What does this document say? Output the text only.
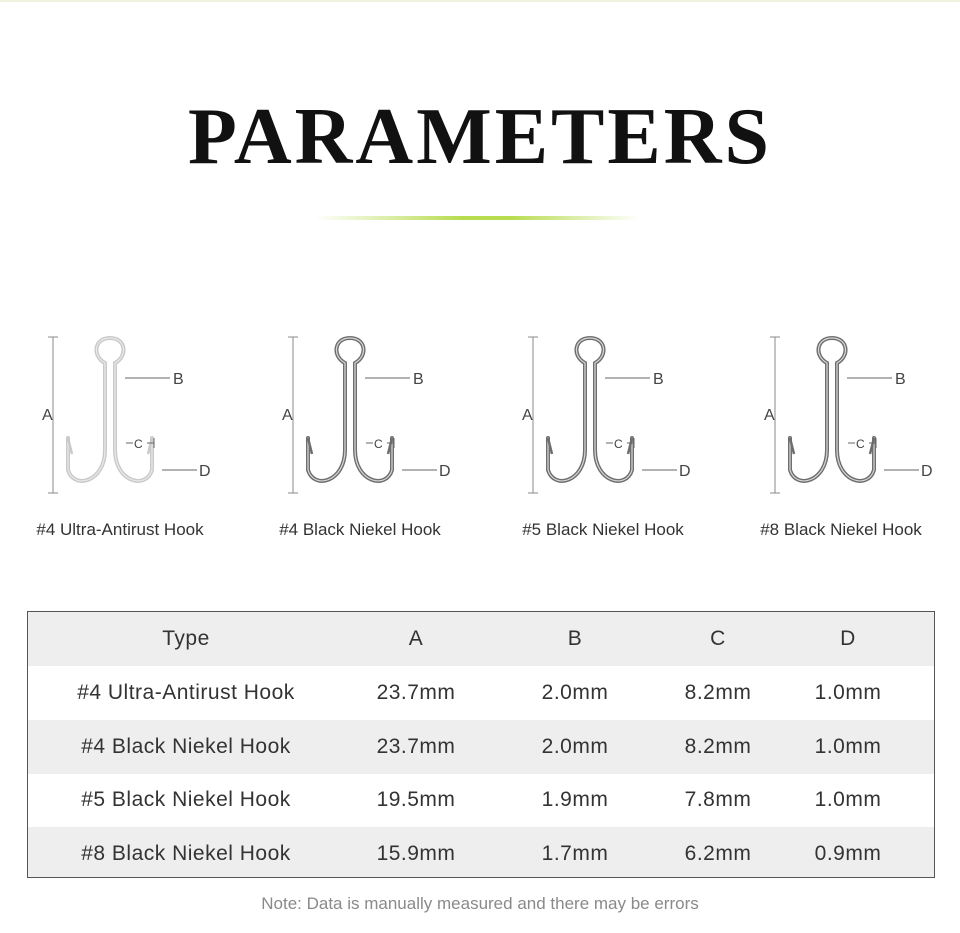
PARAMETERS
A
B
C
D
#4 Ultra-Antirust Hook
A
B
C
D
#4 Black Niekel Hook
A
B
C
D
#5 Black Niekel Hook
A
B
C
D
#8 Black Niekel Hook
Type	A	B	C	D
#4 Ultra-Antirust Hook	23.7mm	2.0mm	8.2mm	1.0mm
#4 Black Niekel Hook	23.7mm	2.0mm	8.2mm	1.0mm
#5 Black Niekel Hook	19.5mm	1.9mm	7.8mm	1.0mm
#8 Black Niekel Hook	15.9mm	1.7mm	6.2mm	0.9mm
Note: Data is manually measured and there may be errors
